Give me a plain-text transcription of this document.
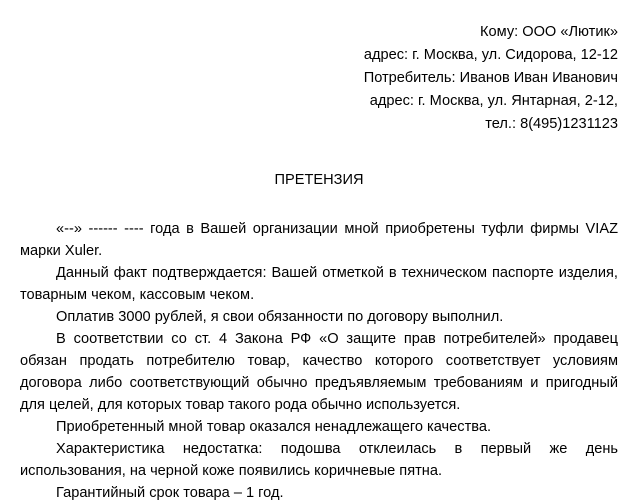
Кому: ООО «Лютик»
адрес: г. Москва, ул. Сидорова, 12-12
Потребитель: Иванов Иван Иванович
адрес: г. Москва, ул. Янтарная, 2-12,
тел.: 8(495)1231123
ПРЕТЕНЗИЯ

«--» ------ ---- года в Вашей организации мной приобретены туфли фирмы VIAZ марки Xuler.

Данный факт подтверждается: Вашей отметкой в техническом паспорте изделия, товарным чеком, кассовым чеком.

Оплатив 3000 рублей, я свои обязанности по договору выполнил.

В соответствии со ст. 4 Закона РФ «О защите прав потребителей» продавец обязан продать потребителю товар, качество которого соответствует условиям договора либо соответствующий обычно предъявляемым требованиям и пригодный для целей, для которых товар такого рода обычно используется.

Приобретенный мной товар оказался ненадлежащего качества.

Характеристика недостатка: подошва отклеилась в первый же день использования, на черной коже появились коричневые пятна.

Гарантийный срок товара – 1 год.
